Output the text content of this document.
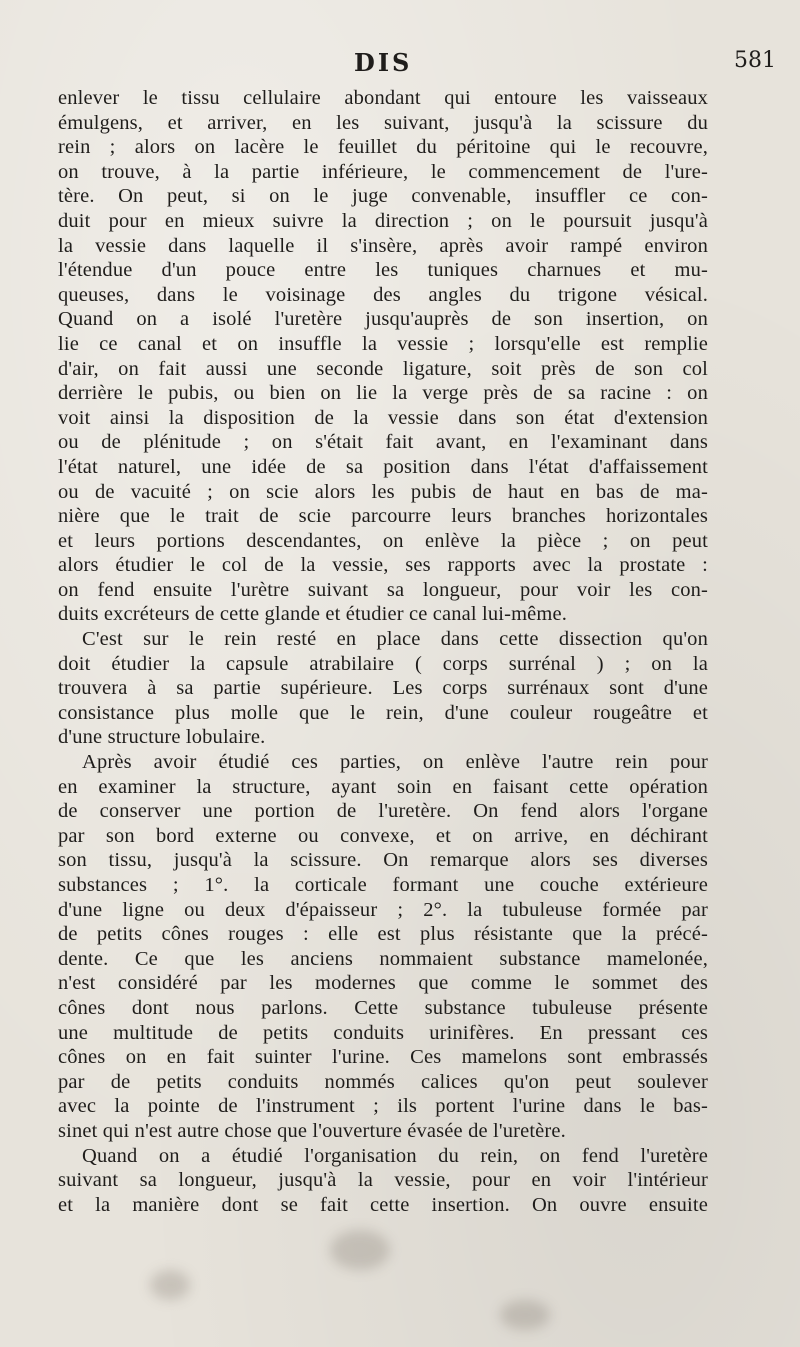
DIS	581
enlever le tissu cellulaire abondant qui entoure les vaisseaux
émulgens, et arriver, en les suivant, jusqu'à la scissure du
rein ; alors on lacère le feuillet du péritoine qui le recouvre,
on trouve, à la partie inférieure, le commencement de l'ure-
tère. On peut, si on le juge convenable, insuffler ce con-
duit pour en mieux suivre la direction ; on le poursuit jusqu'à
la vessie dans laquelle il s'insère, après avoir rampé environ
l'étendue d'un pouce entre les tuniques charnues et mu-
queuses, dans le voisinage des angles du trigone vésical.
Quand on a isolé l'uretère jusqu'auprès de son insertion, on
lie ce canal et on insuffle la vessie ; lorsqu'elle est remplie
d'air, on fait aussi une seconde ligature, soit près de son col
derrière le pubis, ou bien on lie la verge près de sa racine : on
voit ainsi la disposition de la vessie dans son état d'extension
ou de plénitude ; on s'était fait avant, en l'examinant dans
l'état naturel, une idée de sa position dans l'état d'affaissement
ou de vacuité ; on scie alors les pubis de haut en bas de ma-
nière que le trait de scie parcourre leurs branches horizontales
et leurs portions descendantes, on enlève la pièce ; on peut
alors étudier le col de la vessie, ses rapports avec la prostate :
on fend ensuite l'urètre suivant sa longueur, pour voir les con-
duits excréteurs de cette glande et étudier ce canal lui-même.
C'est sur le rein resté en place dans cette dissection qu'on
doit étudier la capsule atrabilaire ( corps surrénal ) ; on la
trouvera à sa partie supérieure. Les corps surrénaux sont d'une
consistance plus molle que le rein, d'une couleur rougeâtre et
d'une structure lobulaire.
Après avoir étudié ces parties, on enlève l'autre rein pour
en examiner la structure, ayant soin en faisant cette opération
de conserver une portion de l'uretère. On fend alors l'organe
par son bord externe ou convexe, et on arrive, en déchirant
son tissu, jusqu'à la scissure. On remarque alors ses diverses
substances ; 1°. la corticale formant une couche extérieure
d'une ligne ou deux d'épaisseur ; 2°. la tubuleuse formée par
de petits cônes rouges : elle est plus résistante que la précé-
dente. Ce que les anciens nommaient substance mamelonée,
n'est considéré par les modernes que comme le sommet des
cônes dont nous parlons. Cette substance tubuleuse présente
une multitude de petits conduits urinifères. En pressant ces
cônes on en fait suinter l'urine. Ces mamelons sont embrassés
par de petits conduits nommés calices qu'on peut soulever
avec la pointe de l'instrument ; ils portent l'urine dans le bas-
sinet qui n'est autre chose que l'ouverture évasée de l'uretère.
Quand on a étudié l'organisation du rein, on fend l'uretère
suivant sa longueur, jusqu'à la vessie, pour en voir l'intérieur
et la manière dont se fait cette insertion. On ouvre ensuite
